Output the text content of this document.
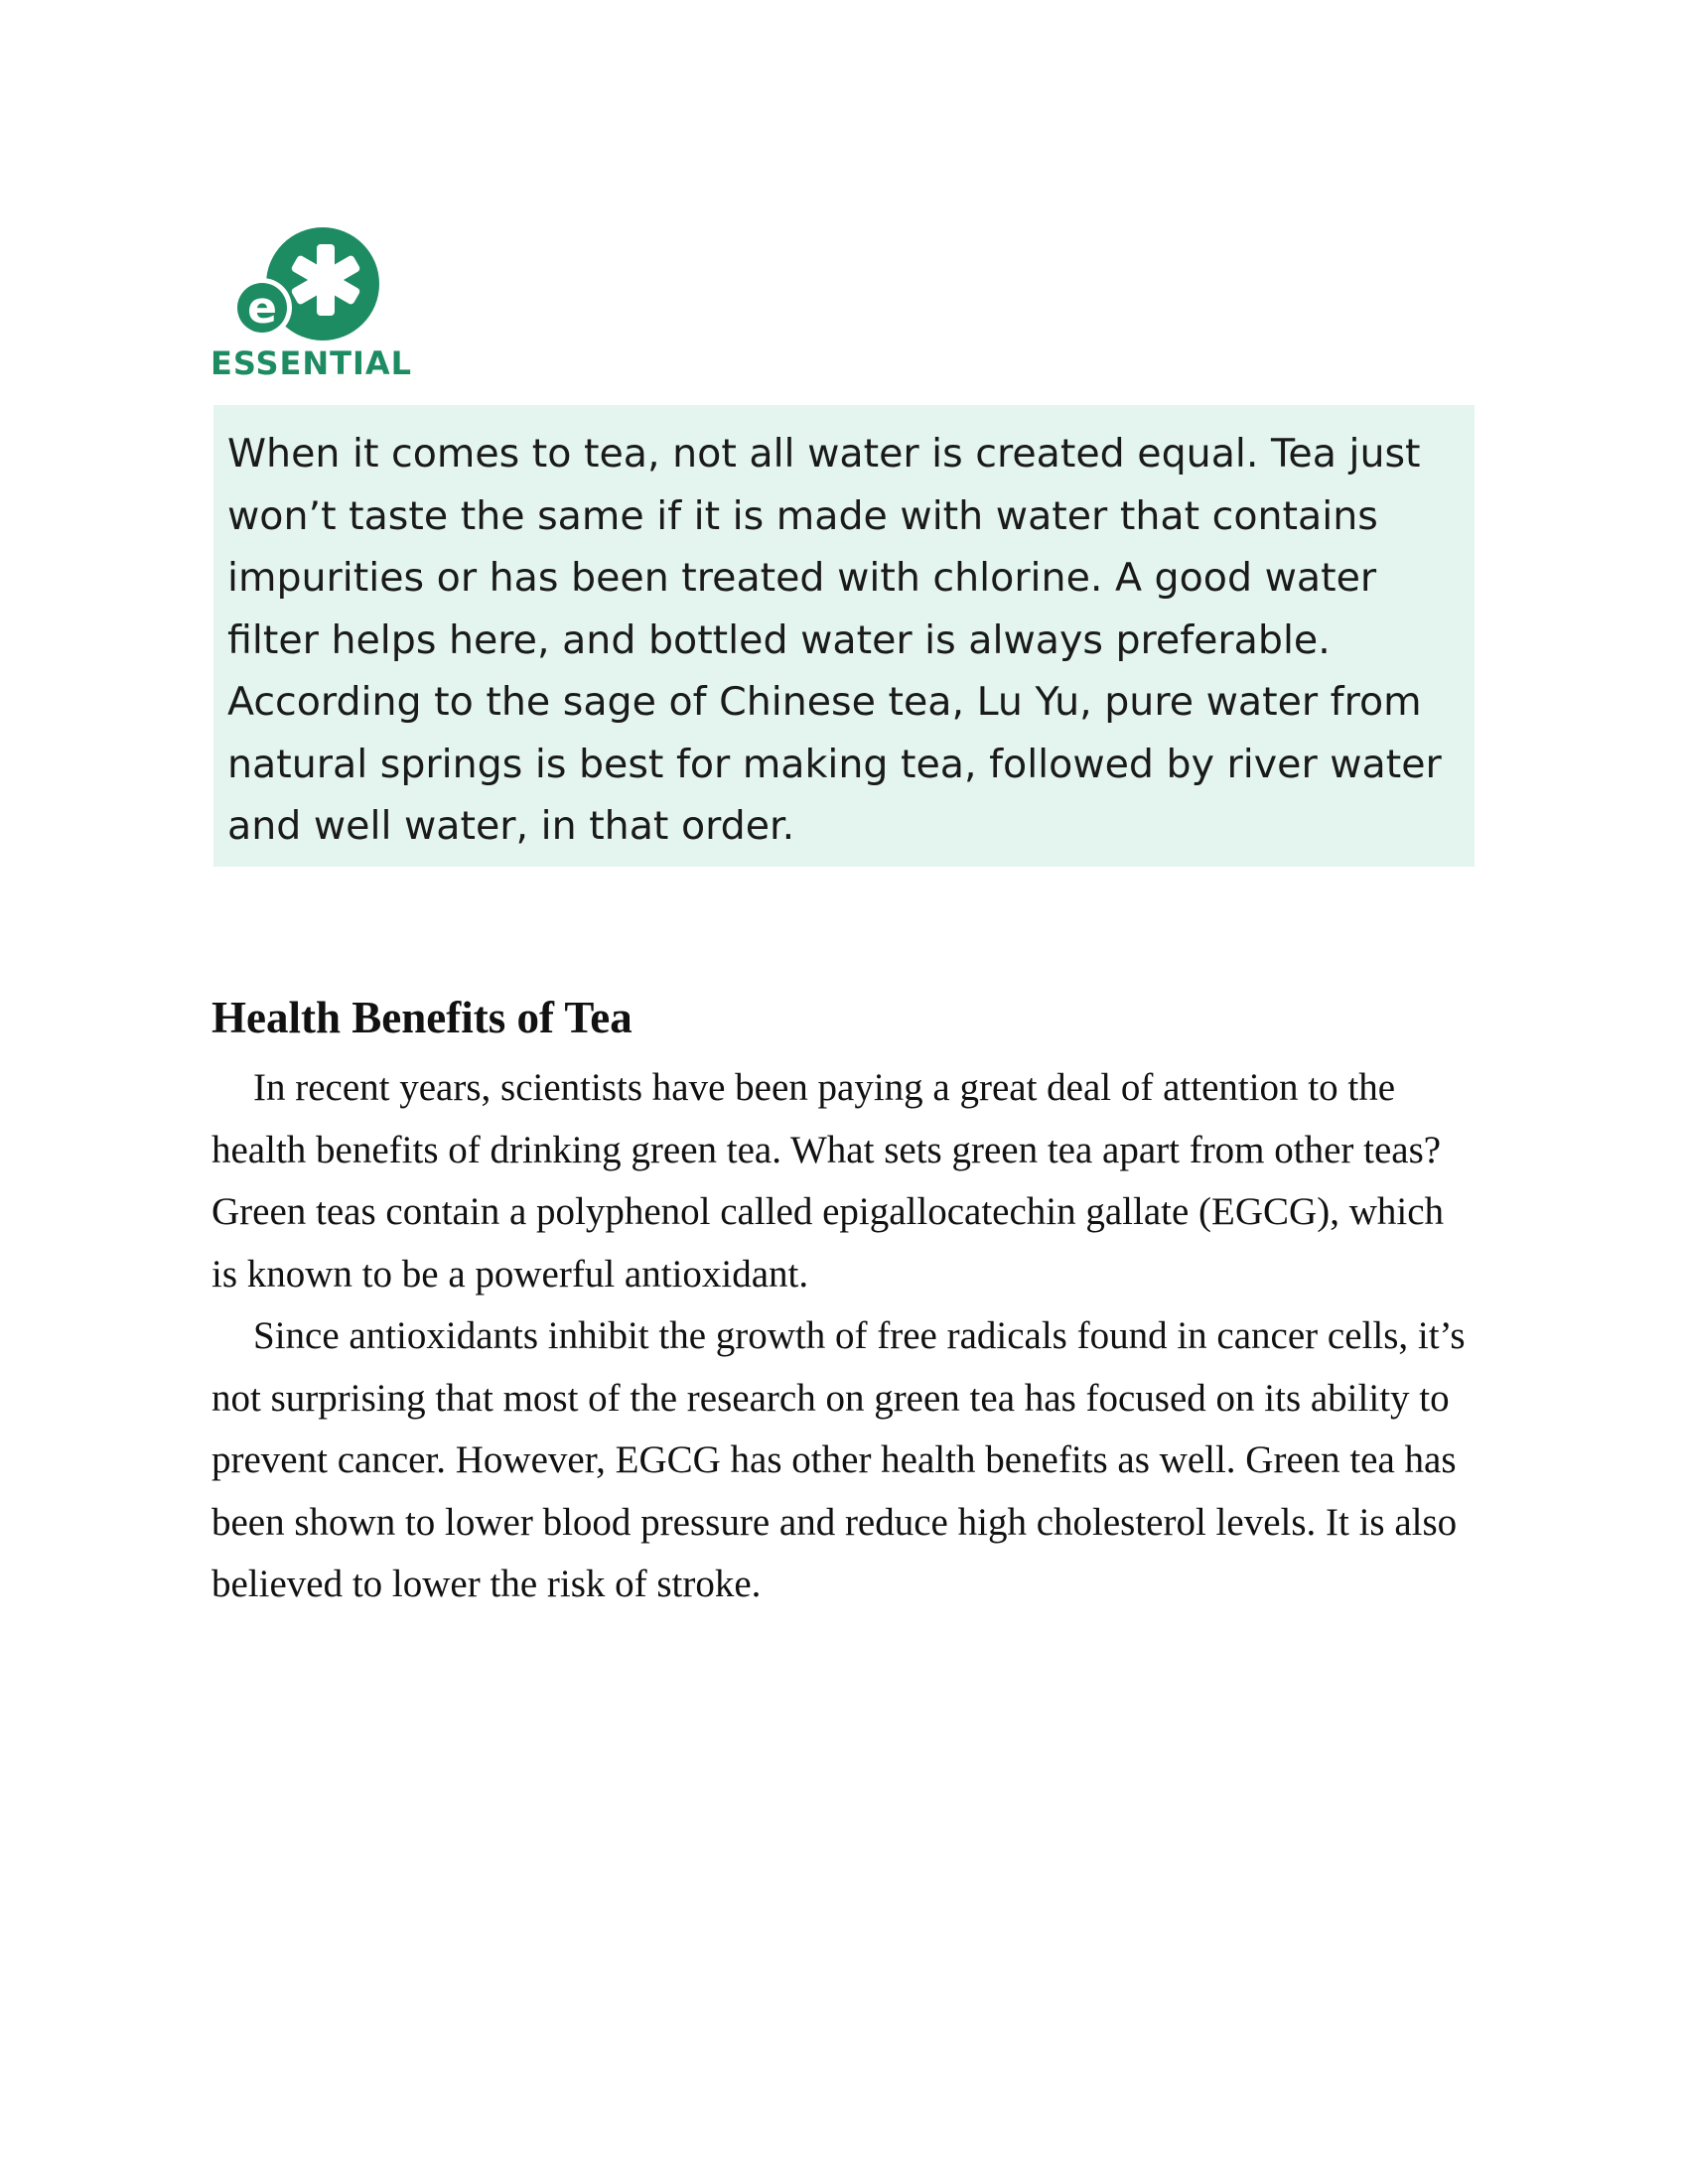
e
ESSENTIAL

When it comes to tea, not all water is created equal. Tea just won’t taste the same if it is made with water that contains impurities or has been treated with chlorine. A good water filter helps here, and bottled water is always preferable. According to the sage of Chinese tea, Lu Yu, pure water from natural springs is best for making tea, followed by river water and well water, in that order.

Health Benefits of Tea

In recent years, scientists have been paying a great deal of attention to the health benefits of drinking green tea. What sets green tea apart from other teas? Green teas contain a polyphenol called epigallocatechin gallate (EGCG), which is known to be a powerful antioxidant.

Since antioxidants inhibit the growth of free radicals found in cancer cells, it’s not surprising that most of the research on green tea has focused on its ability to prevent cancer. However, EGCG has other health benefits as well. Green tea has been shown to lower blood pressure and reduce high cholesterol levels. It is also believed to lower the risk of stroke.
